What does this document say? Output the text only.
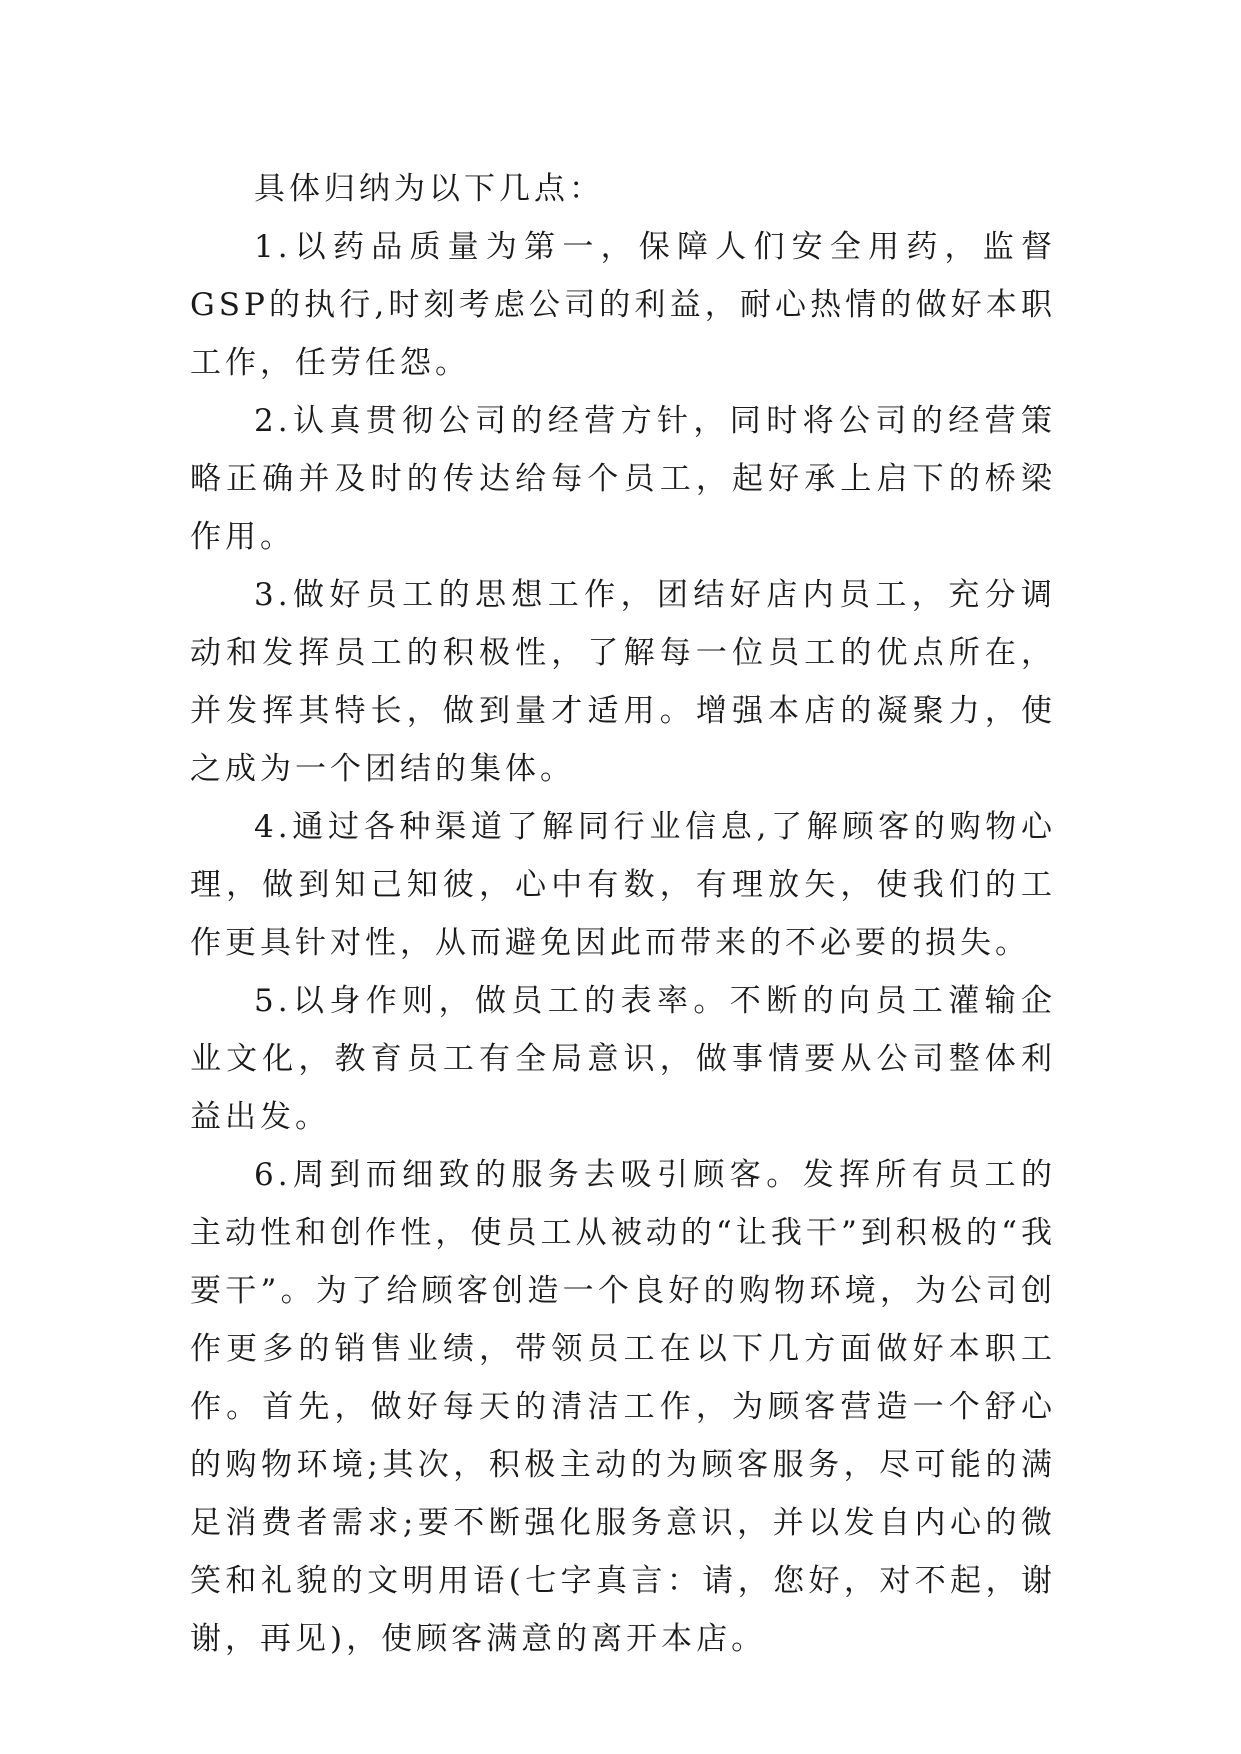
具体归纳为以下几点：

1.以药品质量为第一，保障人们安全用药，监督GSP的执行,时刻考虑公司的利益，耐心热情的做好本职工作，任劳任怨。

2.认真贯彻公司的经营方针，同时将公司的经营策略正确并及时的传达给每个员工，起好承上启下的桥梁作用。

3.做好员工的思想工作，团结好店内员工，充分调动和发挥员工的积极性，了解每一位员工的优点所在，并发挥其特长，做到量才适用。增强本店的凝聚力，使之成为一个团结的集体。

4.通过各种渠道了解同行业信息,了解顾客的购物心理，做到知己知彼，心中有数，有理放矢，使我们的工作更具针对性，从而避免因此而带来的不必要的损失。

5.以身作则，做员工的表率。不断的向员工灌输企业文化，教育员工有全局意识，做事情要从公司整体利益出发。

6.周到而细致的服务去吸引顾客。发挥所有员工的主动性和创作性，使员工从被动的“让我干”到积极的“我要干”。为了给顾客创造一个良好的购物环境，为公司创作更多的销售业绩，带领员工在以下几方面做好本职工作。首先，做好每天的清洁工作，为顾客营造一个舒心的购物环境;其次，积极主动的为顾客服务，尽可能的满足消费者需求;要不断强化服务意识，并以发自内心的微笑和礼貌的文明用语(七字真言：请，您好，对不起，谢谢，再见)，使顾客满意的离开本店。
